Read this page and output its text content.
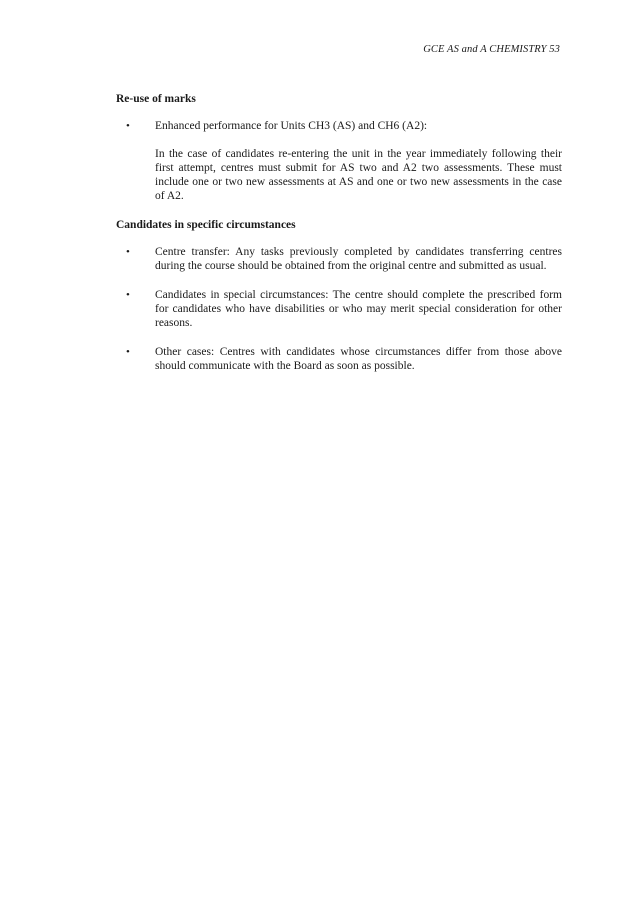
GCE AS and A CHEMISTRY 53
Re-use of marks
• Enhanced performance for Units CH3 (AS) and CH6 (A2):

In the case of candidates re-entering the unit in the year immediately following their first attempt, centres must submit for AS two and A2 two assessments. These must include one or two new assessments at AS and one or two new assessments in the case of A2.

Candidates in specific circumstances
• Centre transfer: Any tasks previously completed by candidates transferring centres during the course should be obtained from the original centre and submitted as usual.

• Candidates in special circumstances: The centre should complete the prescribed form for candidates who have disabilities or who may merit special consideration for other reasons.

• Other cases: Centres with candidates whose circumstances differ from those above should communicate with the Board as soon as possible.
